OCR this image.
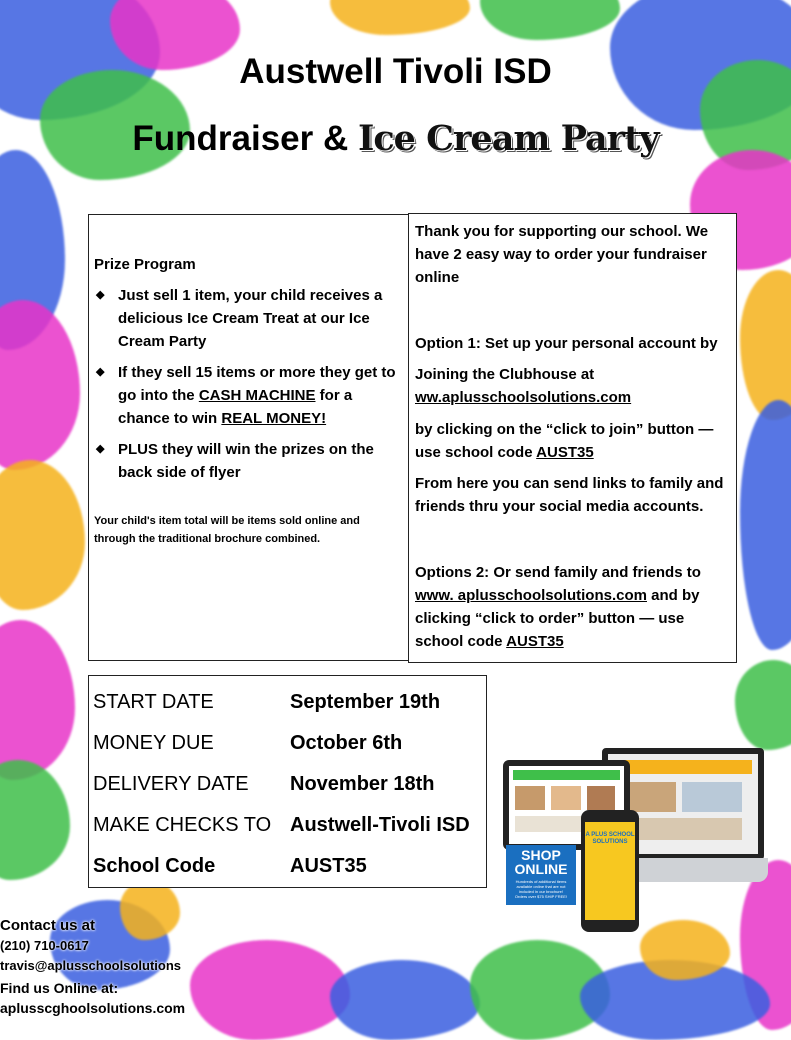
Austwell Tivoli ISD
Fundraiser & Ice Cream Party
Prize Program
◆ Just sell 1 item, your child receives a delicious Ice Cream Treat at our Ice Cream Party
◆ If they sell 15 items or more they get to go into the CASH MACHINE for a chance to win REAL MONEY!
◆ PLUS they will win the prizes on the back side of flyer
Your child's item total will be items sold online and through the traditional brochure combined.

Thank you for supporting our school. We have 2 easy way to order your fundraiser online

Option 1: Set up your personal account by

Joining the Clubhouse at

ww.aplusschoolsolutions.com

by clicking on the “click to join” button — use school code AUST35

From here you can send links to family and friends thru your social media accounts.

Options 2: Or send family and friends to

www. aplusschoolsolutions.com and by clicking “click to order” button — use school code AUST35

START DATE	September 19th
MONEY DUE	October 6th
DELIVERY DATE	November 18th
MAKE CHECKS TO Austwell-Tivoli ISD
School Code	AUST35	SHOP
ONLINE
Hundreds of additional items available online that are not included in our brochure!
Orders over $75 SHIP FREE!
A PLUS SCHOOL SOLUTIONS
Contact us at
(210) 710-0617
travis@aplusschoolsolutions
Find us Online at:
aplusscghoolsolutions.com
